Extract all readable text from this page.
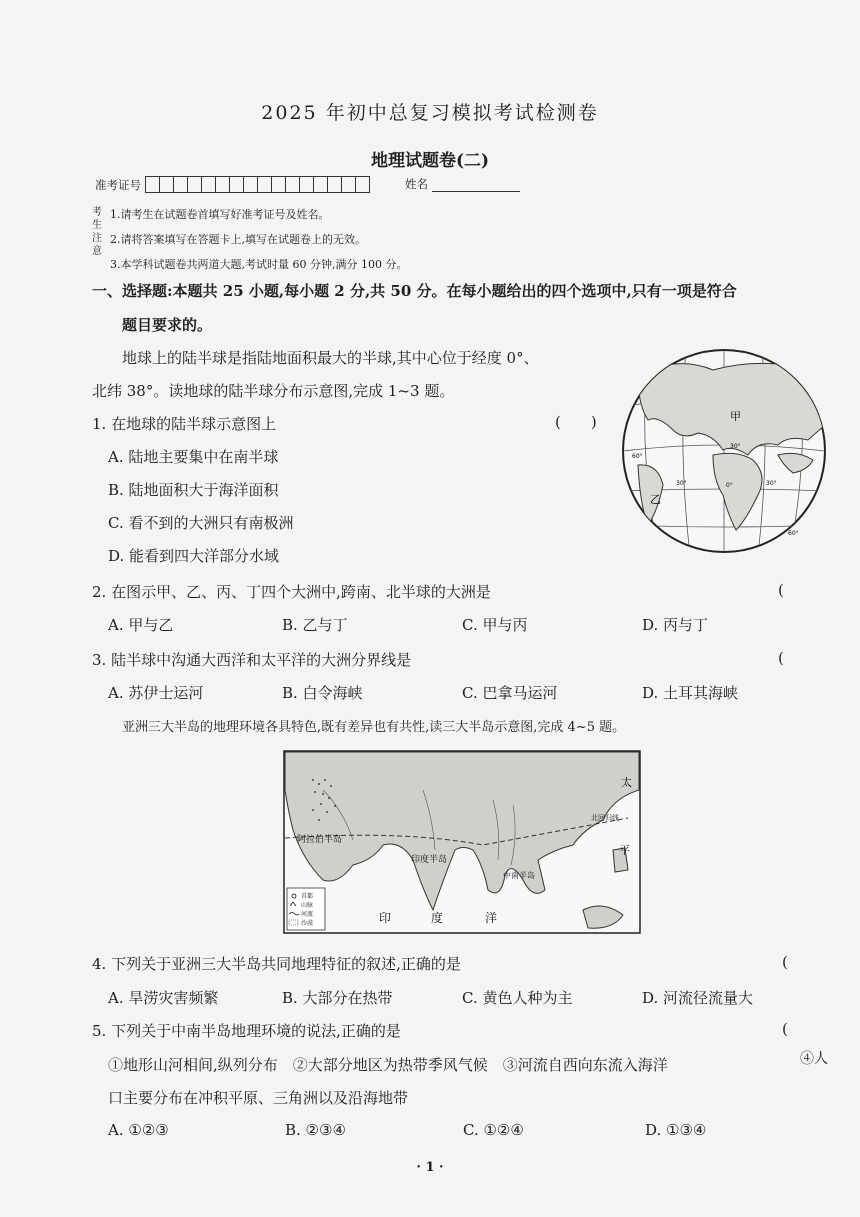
2025 年初中总复习模拟考试检测卷
地理试题卷(二)
准考证号	姓名
考生注意
1.请考生在试题卷首填写好准考证号及姓名。
2.请将答案填写在答题卡上,填写在试题卷上的无效。
3.本学科试题卷共两道大题,考试时量 60 分钟,满分 100 分。
一、选择题:本题共 25 小题,每小题 2 分,共 50 分。在每小题给出的四个选项中,只有一项是符合
题目要求的。
地球上的陆半球是指陆地面积最大的半球,其中心位于经度 0°、
北纬 38°。读地球的陆半球分布示意图,完成 1~3 题。
甲
乙
30°
60°
30°	0°	30°
60°
1. 在地球的陆半球示意图上	(　　)
A. 陆地主要集中在南半球
B. 陆地面积大于海洋面积
C. 看不到的大洲只有南极洲
D. 能看到四大洋部分水域
2. 在图示甲、乙、丙、丁四个大洲中,跨南、北半球的大洲是	(
A. 甲与乙	B. 乙与丁	C. 甲与丙	D. 丙与丁
3. 陆半球中沟通大西洋和太平洋的大洲分界线是	(
A. 苏伊士运河	B. 白令海峡	C. 巴拿马运河	D. 土耳其海峡
亚洲三大半岛的地理环境各具特色,既有差异也有共性,读三大半岛示意图,完成 4~5 题。
阿拉伯半岛
印度半岛
中南半岛
北回归线
印	度	洋
太
平
首都
山脉
河流
沙漠
4. 下列关于亚洲三大半岛共同地理特征的叙述,正确的是	(
A. 旱涝灾害频繁	B. 大部分在热带	C. 黄色人种为主	D. 河流径流量大
5. 下列关于中南半岛地理环境的说法,正确的是	(
①地形山河相间,纵列分布　②大部分地区为热带季风气候　③河流自西向东流入海洋	④人
口主要分布在冲积平原、三角洲以及沿海地带
A. ①②③	B. ②③④	C. ①②④	D. ①③④
· 1 ·
